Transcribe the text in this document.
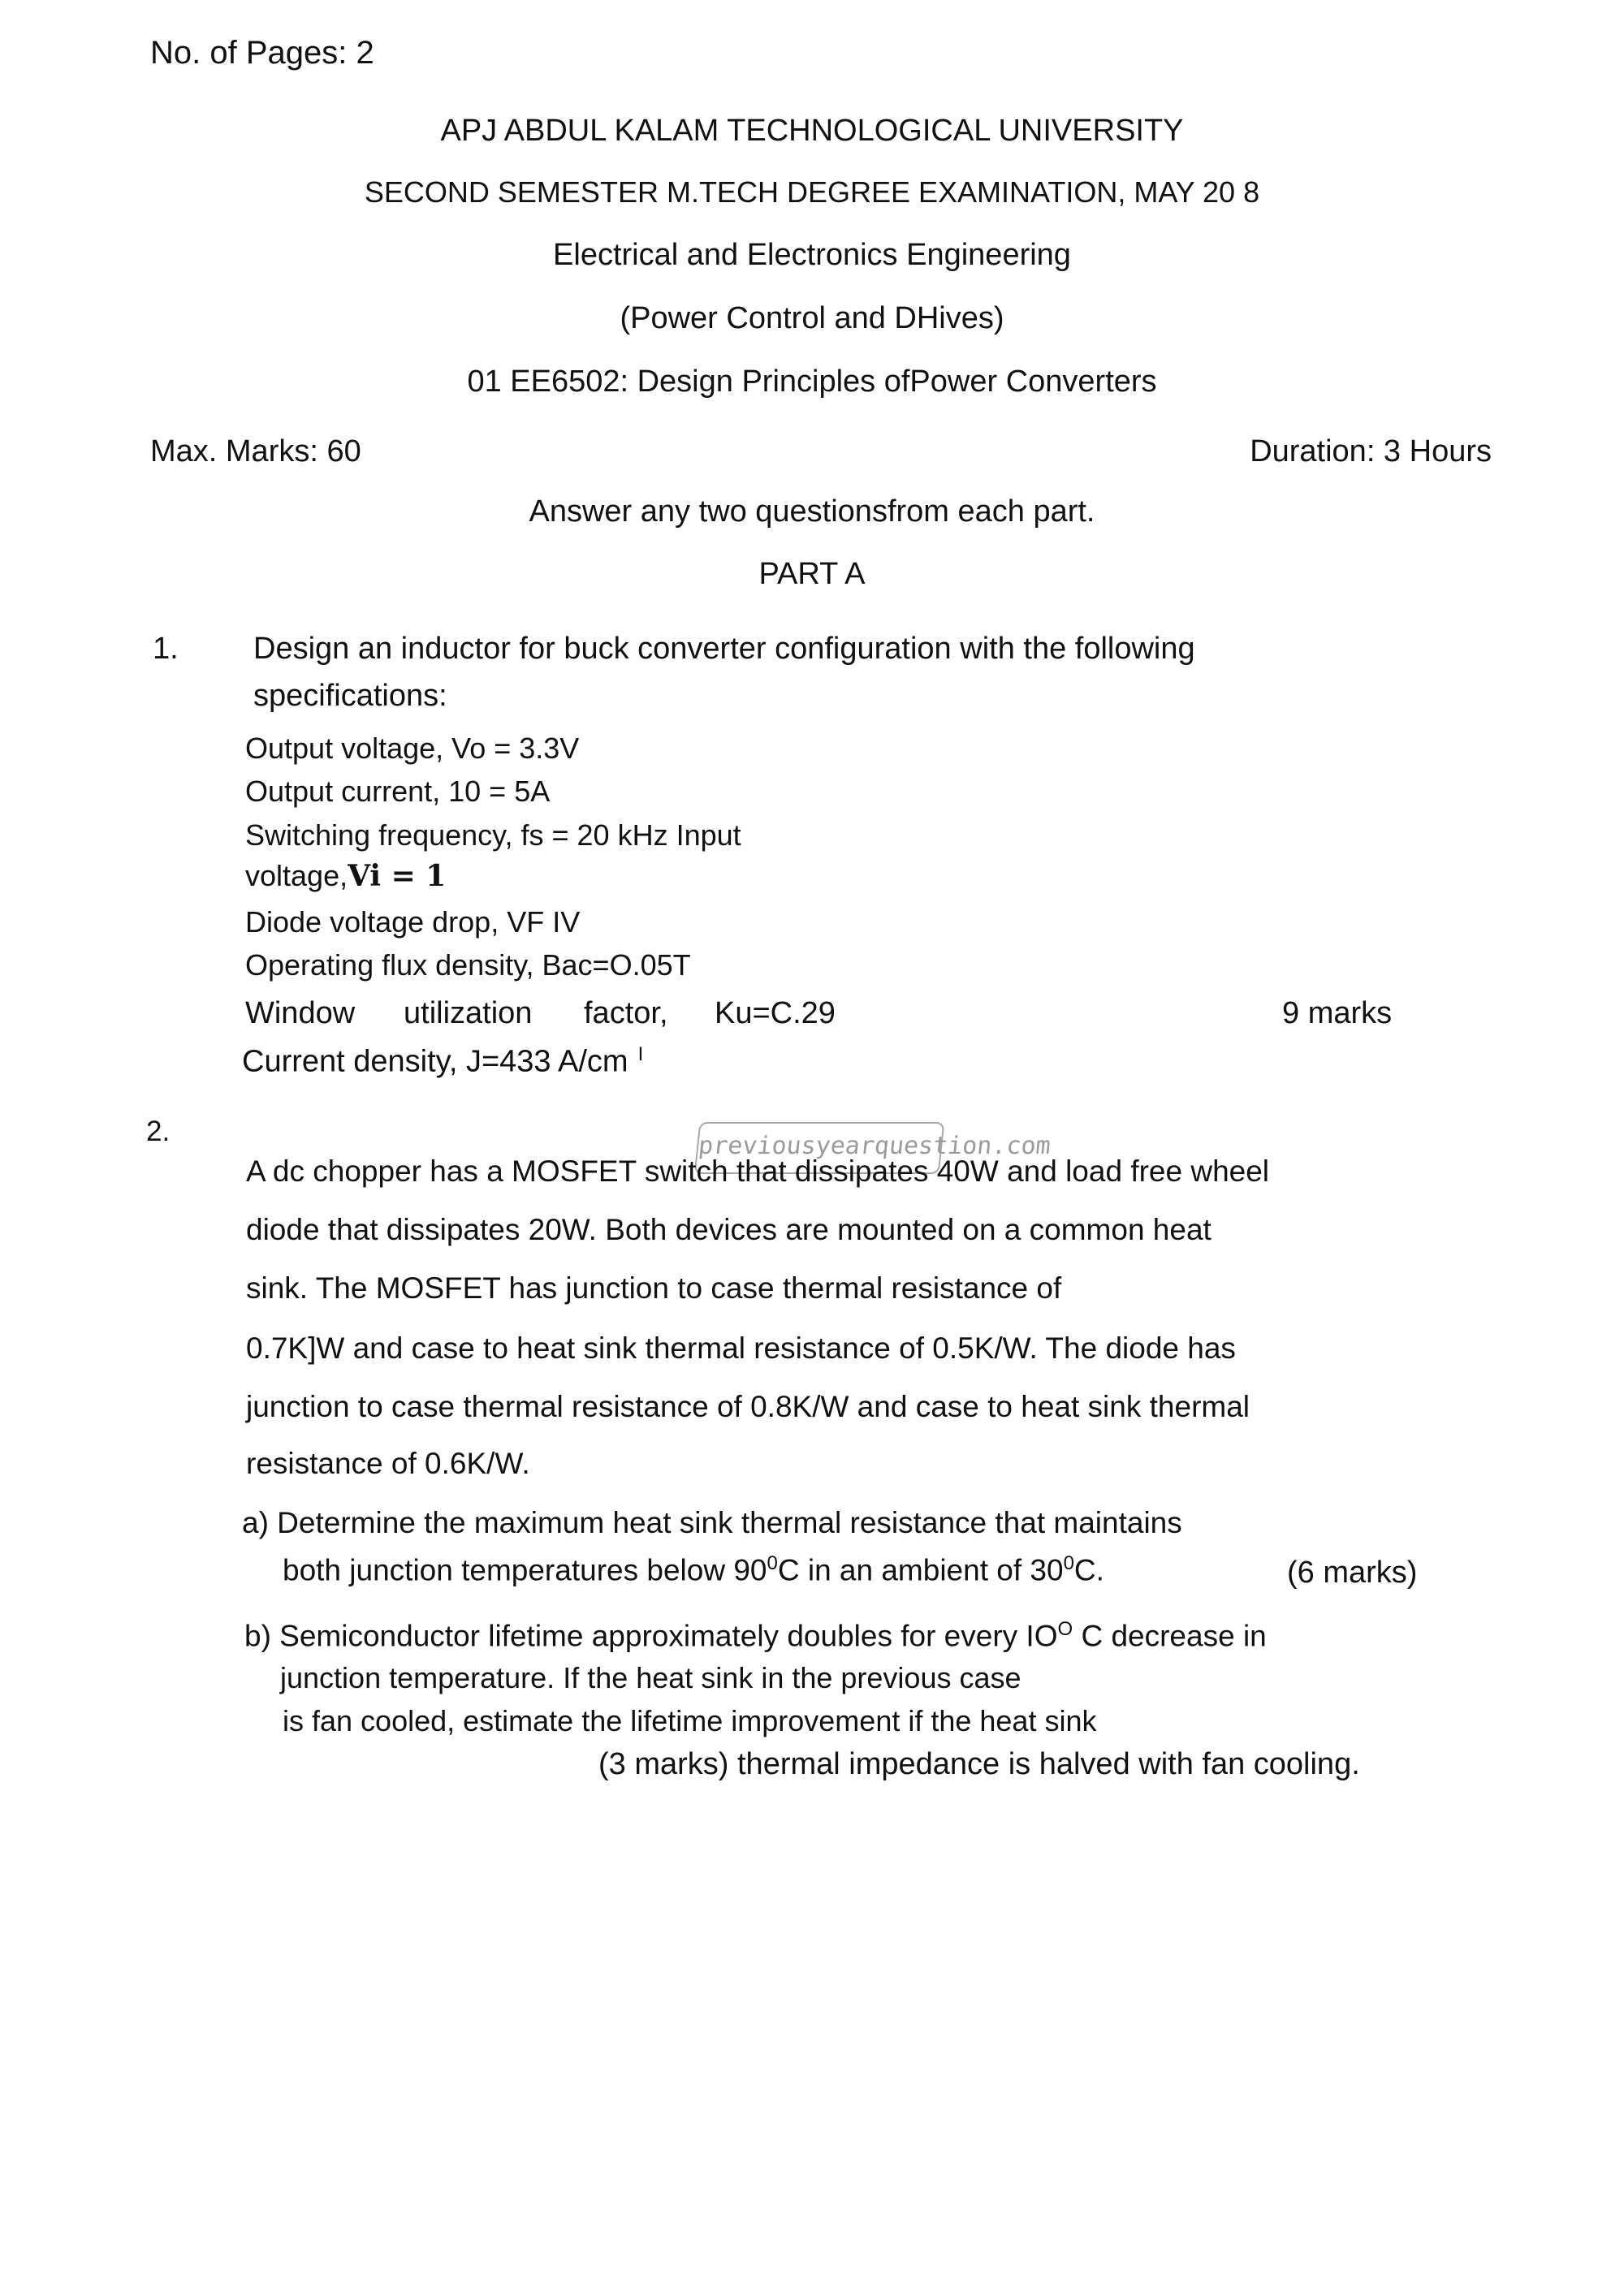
No. of Pages: 2
APJ ABDUL KALAM TECHNOLOGICAL UNIVERSITY
SECOND SEMESTER M.TECH DEGREE EXAMINATION, MAY 20 8
Electrical and Electronics Engineering
(Power Control and DHives)
01 EE6502: Design Principles ofPower Converters
Max. Marks: 60	Duration: 3 Hours
Answer any two questionsfrom each part.
PART A
1. Design an inductor for buck converter configuration with the following
specifications:
Output voltage, Vo = 3.3V
Output current, 10 = 5A
Switching frequency, fs = 20 kHz Input
voltage,Vi = 1
Diode voltage drop, VF IV
Operating flux density, Bac=O.05T
Window utilization factor, Ku=C.29	9 marks
Current density, J=433 A/cm $^I$
2.	previousyearquestion.com
A dc chopper has a MOSFET switch that dissipates 40W and load free wheel
diode that dissipates 20W. Both devices are mounted on a common heat
sink. The MOSFET has junction to case thermal resistance of
0.7K]W and case to heat sink thermal resistance of 0.5K/W. The diode has
junction to case thermal resistance of 0.8K/W and case to heat sink thermal
resistance of 0.6K/W.
a) Determine the maximum heat sink thermal resistance that maintains
both junction temperatures below $90^0C$ in an ambient of $30^0C$.	(6 marks)
b) Semiconductor lifetime approximately doubles for every $IO^O$ C decrease in
junction temperature. If the heat sink in the previous case
is fan cooled, estimate the lifetime improvement if the heat sink
(3 marks) thermal impedance is halved with fan cooling.
